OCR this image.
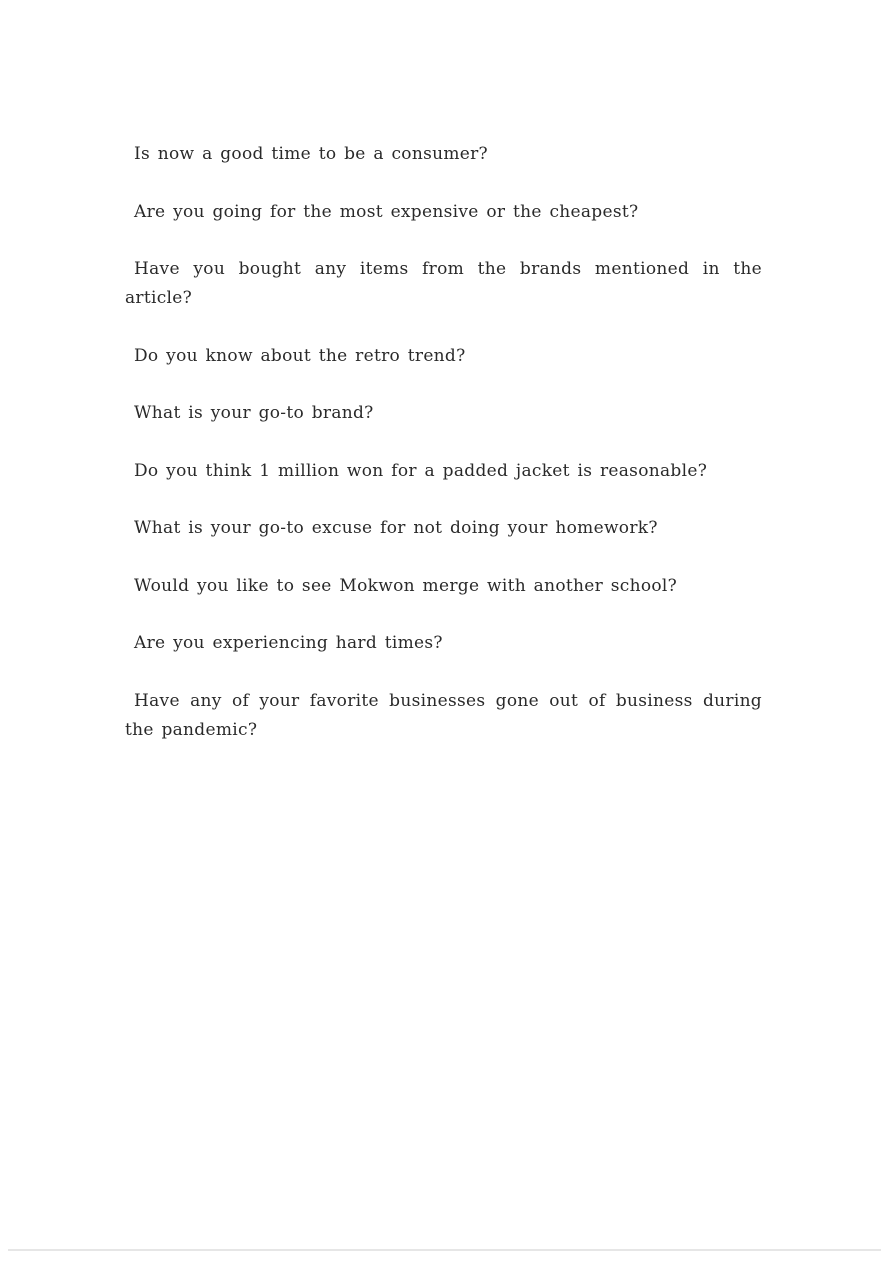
Is now a good time to be a consumer?
Are you going for the most expensive or the cheapest?
Have you bought any items from the brands mentioned in the article?
Do you know about the retro trend?
What is your go-to brand?
Do you think 1 million won for a padded jacket is reasonable?
What is your go-to excuse for not doing your homework?
Would you like to see Mokwon merge with another school?
Are you experiencing hard times?
Have any of your favorite businesses gone out of business during the pandemic?
